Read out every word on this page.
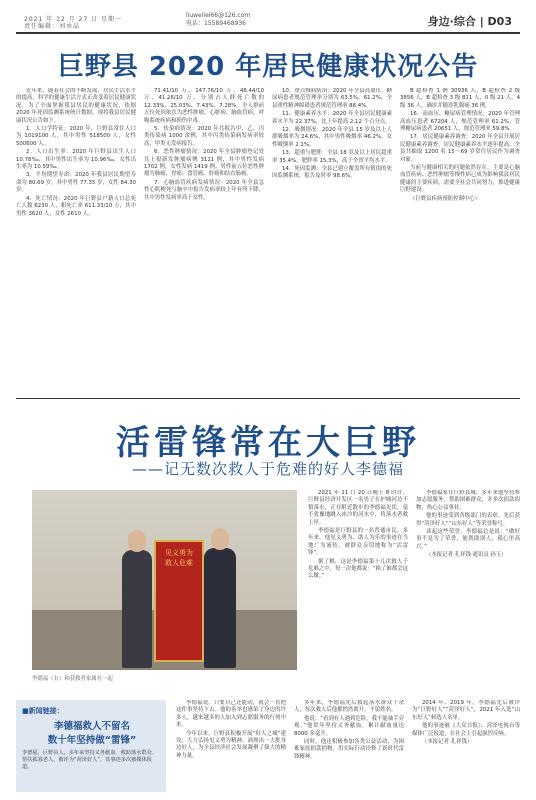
2021 年 12 月 27 日 星期一
责任编辑：刘承晶
liuweilei66@126.com
电话：15589468936	身边·综合 | D03
巨野县 2020 年居民健康状况公告

近年来，随着社会的不断发展，居民生活水平的提高，科学的健康生活方式正改变着居民健康状况。为了全面掌握我县居民的健康状况，依据 2020 年死因监测系统统计数据，现将我县居民健康状况公告如下。

1．人口学特征：2020 年，巨野县常住人口为 1019100 人，其中男性 518500 人，女性 500600 人。

2．人口出生率：2020 年巨野县出生人口 10.78‰，其中男性出生率为 10.96‰，女性出生率为 10.59‰。

3．平均期望寿命：2020 年我县居民期望寿命为 80.69 岁，其中男性 77.35 岁，女性 84.30 岁。

4．死亡情况：2020 年巨野县户籍人口总死亡人数 6230 人，粗死亡率 611.33/10 万，其中男性 3620 人，女性 2610 人。

71.41/10 万、147.76/10 万、46.44/10 万、41.26/10 万，分别占人群死亡数的 12.33%、25.03%、7.43%、7.28%。全人群前五位死因依次为恶性肿瘤、心脏病、脑血管病、呼吸系统疾病和损伤中毒。

5．传染病情况：2020 年共报告甲、乙、丙类传染病 1000 余例，其中丙类传染病发病率较高，甲类无发病报告。

6．恶性肿瘤情况：2020 年全县肿瘤登记处共上报新发肿瘤病例 3121 例，其中男性发病 1702 例，女性发病 1419 例。男性前五位恶性肿瘤为肺癌、胃癌、食管癌、肝癌和结直肠癌。

7．心脑血管疾病发病情况：2020 年全县急性心肌梗死与脑卒中报告发病率较上年有所下降，其中男性发病率高于女性。

10．重点慢病防治：2020 年全县高血压、糖尿病患者规范管理率分别为 63.5%、61.2%，全县重性精神障碍患者规范管理率 86.4%。

11．健康素养水平：2020 年全县居民健康素养水平为 22.37%，比上年提高 2.12 个百分点。

12．吸烟情况：2020 年全县 15 岁及以上人群吸烟率为 24.6%，其中男性吸烟率 46.2%，女性吸烟率 2.1%。

13．超重与肥胖：全县 18 岁及以上居民超重率 35.4%，肥胖率 15.3%，高于全省平均水平。

14．死因监测：全县已建立覆盖所有镇街的死因监测系统，报告及时率 98.6%。

B 超检查 1 例 30936 人，B 超检查 2 级 3856 人，B 超检查 3 级 811 人，0 级 21 人，4 级 36 人，确诊并随诊乳腺癌 36 例。

16．高血压、糖尿病管理情况：2020 年管理高血压患者 67204 人，规范管理率 61.2%；管理糖尿病患者 20651 人，规范管理率 59.8%。

17．居民健康素养调查：2020 年全县开展居民健康素养调查，居民健康素养水平逐年提高，全县共抽取 1200 名 15～69 岁常住居民作为调查对象。

当前与健康相关的问题依然存在，主要是心脑血管疾病、恶性肿瘤等慢性病已成为影响我县居民健康的主要疾病，需要全社会共同努力，推进健康巨野建设。

（巨野县疾病预防控制中心）

活雷锋常在大巨野
——记无数次救人于危难的好人李德福
见义勇为 救人危难
李德福（右）和获救者家属在一起

2021 年 11 月 20 日晚上 8 时许，巨野县经济开发区一名男子在护城河边不慎落水，正在附近散步的李德福见状，毫不犹豫地跳入冰冷的河水中，将落水者救上岸。

李德福是巨野县的一名普通市民，多年来，他见义勇为、助人为乐的事迹在当地广为流传，被群众亲切地称为“活雷锋”。

据了解，这是李德福第十几次救人于危难之中，每一次他都说：“换了谁都会这么做。”

李德福家住巨野县城，多年来他坚持参加志愿服务，帮助困难群众，并多次捐款捐物，热心公益事业。

他的事迹受到各级部门的表彰，先后获得“菏泽好人”“山东好人”等荣誉称号。

谈起这些荣誉，李德福总是说：“做好事不是为了荣誉，能帮助别人，我心里高兴。”

（本报记者 孔祥钱 通讯员 孙玉）

■新闻链接：
李德福救人不留名
数十年坚持做“雷锋”
李德福，巨野县人，多年来坚持义务献血、救助落水群众、帮扶孤寡老人，被评为“菏泽好人”，其事迹多次被媒体报道。

李德福说，只要自己还能动，就会一直把这件事坚持下去。他的善举也感染了身边的许多人，越来越多的人加入到志愿服务的行列中来。

今年以来，巨野县积极开展“好人之城”建设，大力弘扬见义勇为精神，涌现出一大批身边好人，为全县经济社会发展凝聚了强大的精神力量。

多年来，李德福先后救起落水群众十余人，每次救人后他都悄然离开，不留姓名。

他说：“看到有人遇到危险，我不能袖手旁观。”他常年坚持义务献血，累计献血量达 8000 多毫升。

同时，他还积极参加各类公益活动，为困难家庭捐款捐物，用实际行动诠释了新时代雷锋精神。

2014 年、2019 年，李德福先后被评为“巨野好人”“菏泽好人”，2021 年入选“山东好人”候选人名单。

他的事迹被《大众日报》、菏泽电视台等媒体广泛报道，在社会上引起强烈反响。

（本报记者 孔祥钱）
